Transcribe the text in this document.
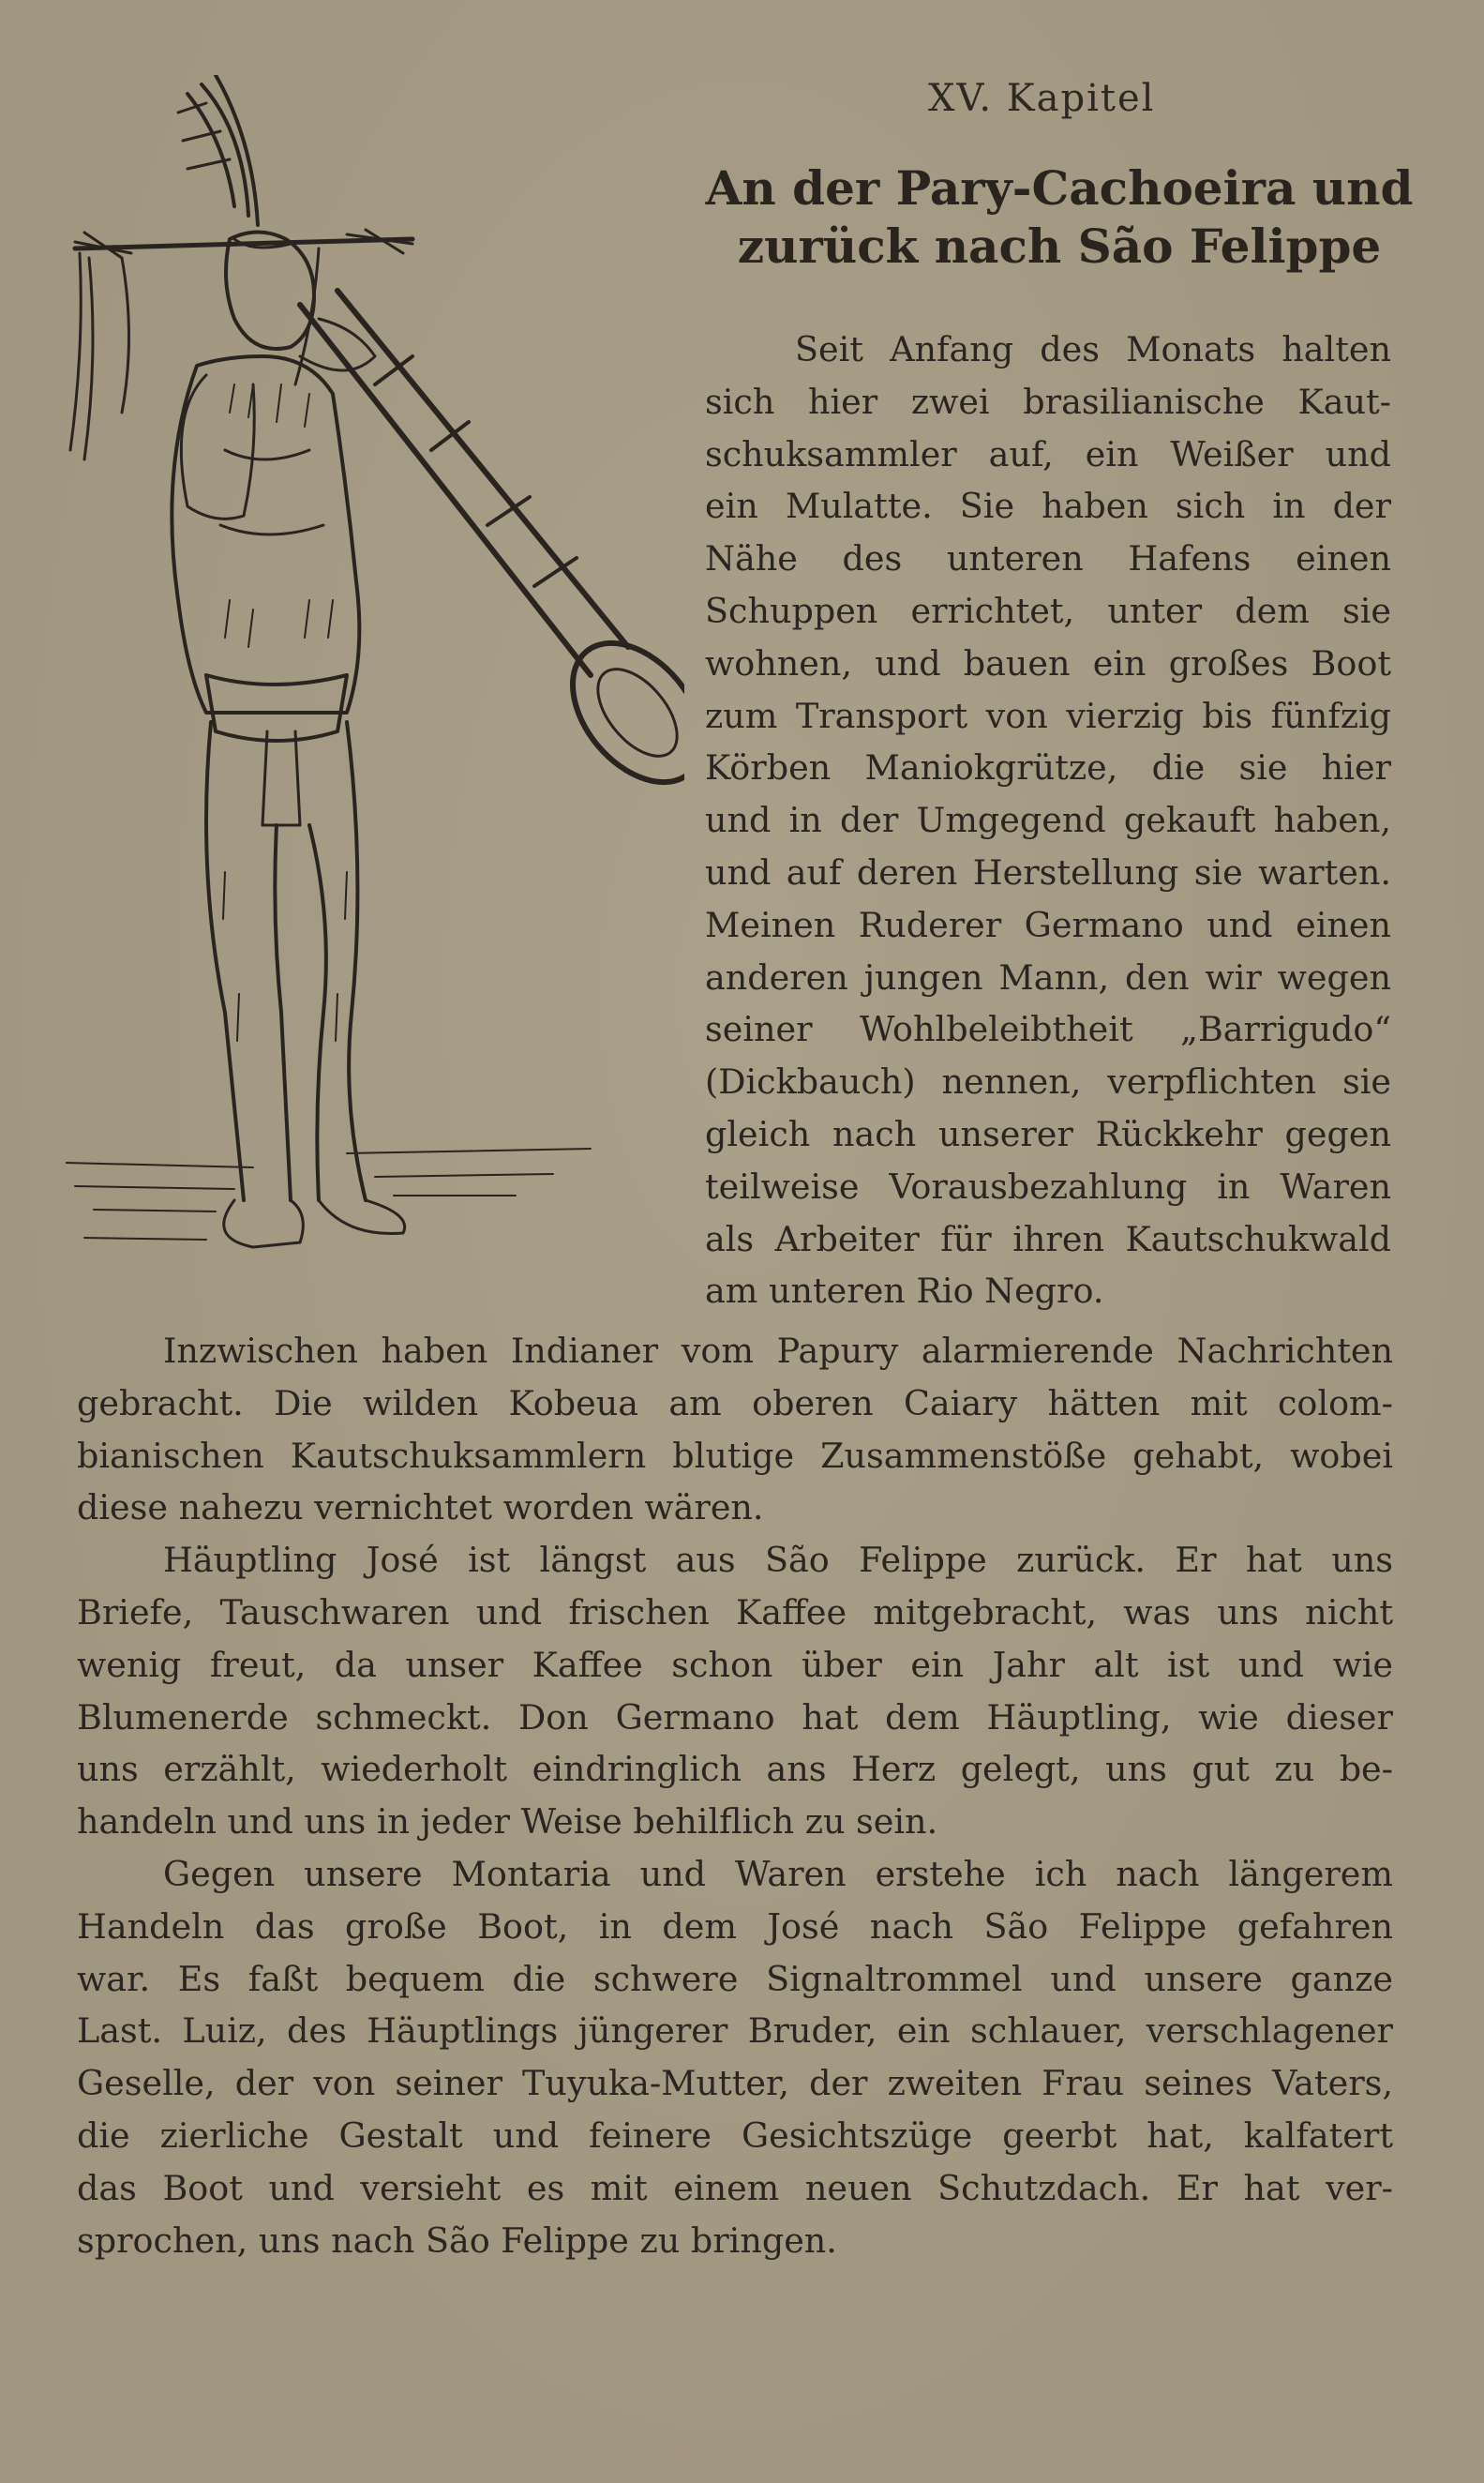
XV. Kapitel
An der Pary-Cachoeira und
zurück nach São Felippe
Seit Anfang des Monats halten
sich hier zwei brasilianische Kaut-
schuksammler auf, ein Weißer und
ein Mulatte. Sie haben sich in der
Nähe des unteren Hafens einen
Schuppen errichtet, unter dem sie
wohnen, und bauen ein großes Boot
zum Transport von vierzig bis fünfzig
Körben Maniokgrütze, die sie hier
und in der Umgegend gekauft haben,
und auf deren Herstellung sie warten.
Meinen Ruderer Germano und einen
anderen jungen Mann, den wir wegen
seiner Wohlbeleibtheit „Barrigudo“
(Dickbauch) nennen, verpflichten sie
gleich nach unserer Rückkehr gegen
teilweise Vorausbezahlung in Waren
als Arbeiter für ihren Kautschukwald
am unteren Rio Negro.
Inzwischen haben Indianer vom Papury alarmierende Nachrichten
gebracht. Die wilden Kobeua am oberen Caiary hätten mit colom-
bianischen Kautschuksammlern blutige Zusammenstöße gehabt, wobei
diese nahezu vernichtet worden wären.
Häuptling José ist längst aus São Felippe zurück. Er hat uns
Briefe, Tauschwaren und frischen Kaffee mitgebracht, was uns nicht
wenig freut, da unser Kaffee schon über ein Jahr alt ist und wie
Blumenerde schmeckt. Don Germano hat dem Häuptling, wie dieser
uns erzählt, wiederholt eindringlich ans Herz gelegt, uns gut zu be-
handeln und uns in jeder Weise behilflich zu sein.
Gegen unsere Montaria und Waren erstehe ich nach längerem
Handeln das große Boot, in dem José nach São Felippe gefahren
war. Es faßt bequem die schwere Signaltrommel und unsere ganze
Last. Luiz, des Häuptlings jüngerer Bruder, ein schlauer, verschlagener
Geselle, der von seiner Tuyuka-Mutter, der zweiten Frau seines Vaters,
die zierliche Gestalt und feinere Gesichtszüge geerbt hat, kalfatert
das Boot und versieht es mit einem neuen Schutzdach. Er hat ver-
sprochen, uns nach São Felippe zu bringen.
